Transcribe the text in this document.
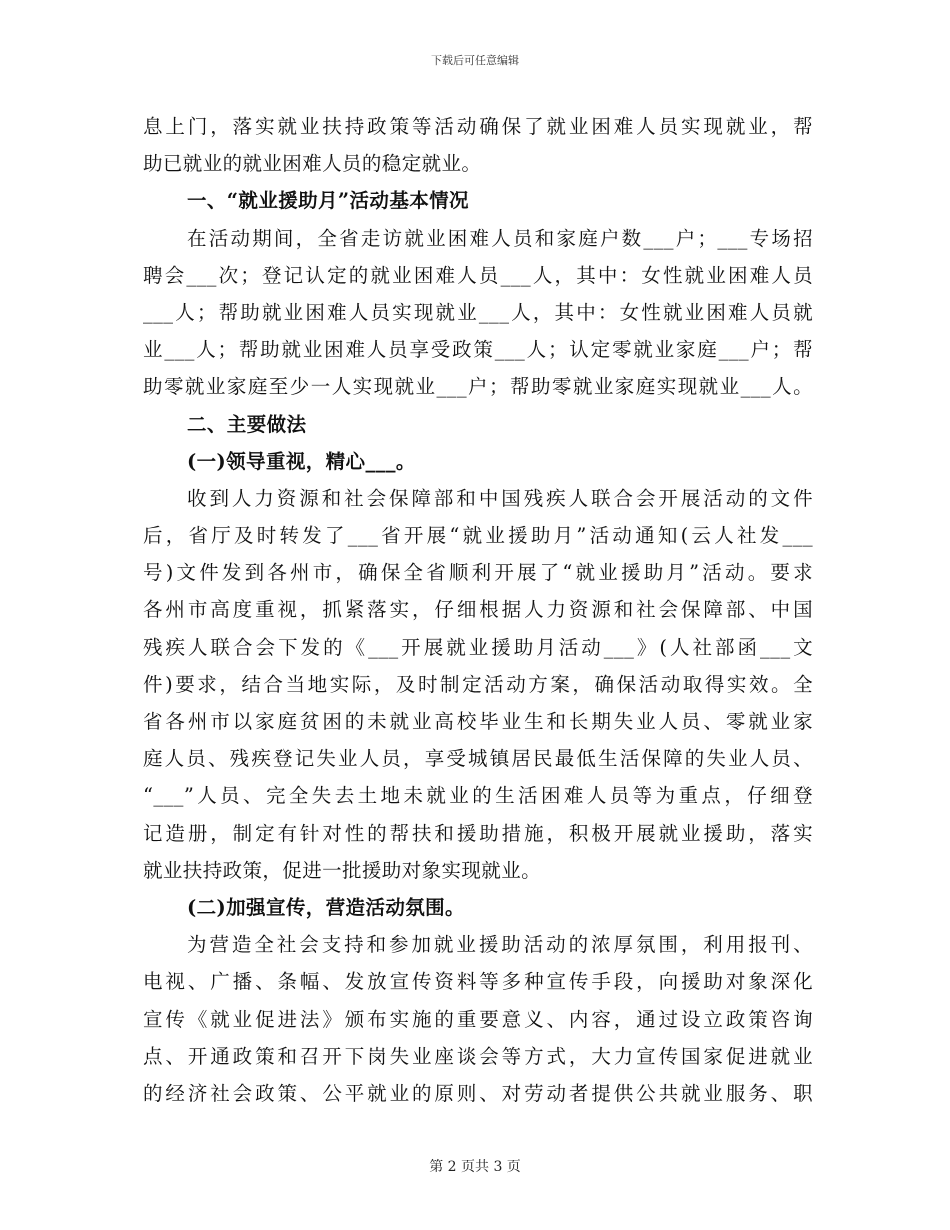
下载后可任意编辑
息上门，落实就业扶持政策等活动确保了就业困难人员实现就业，帮
助已就业的就业困难人员的稳定就业。
一、“就业援助月”活动基本情况
在活动期间，全省走访就业困难人员和家庭户数___户；___专场招
聘会___次；登记认定的就业困难人员___人，其中：女性就业困难人员
___人；帮助就业困难人员实现就业___人，其中：女性就业困难人员就
业___人；帮助就业困难人员享受政策___人；认定零就业家庭___户；帮
助零就业家庭至少一人实现就业___户；帮助零就业家庭实现就业___人。
二、主要做法
(一)领导重视，精心___。
收到人力资源和社会保障部和中国残疾人联合会开展活动的文件
后，省厅及时转发了___省开展“就业援助月”活动通知(云人社发___
号)文件发到各州市，确保全省顺利开展了“就业援助月”活动。要求
各州市高度重视，抓紧落实，仔细根据人力资源和社会保障部、中国
残疾人联合会下发的《___开展就业援助月活动___》(人社部函___文
件)要求，结合当地实际，及时制定活动方案，确保活动取得实效。全
省各州市以家庭贫困的未就业高校毕业生和长期失业人员、零就业家
庭人员、残疾登记失业人员，享受城镇居民最低生活保障的失业人员、
“___”人员、完全失去土地未就业的生活困难人员等为重点，仔细登
记造册，制定有针对性的帮扶和援助措施，积极开展就业援助，落实
就业扶持政策，促进一批援助对象实现就业。
(二)加强宣传，营造活动氛围。
为营造全社会支持和参加就业援助活动的浓厚氛围，利用报刊、
电视、广播、条幅、发放宣传资料等多种宣传手段，向援助对象深化
宣传《就业促进法》颁布实施的重要意义、内容，通过设立政策咨询
点、开通政策和召开下岗失业座谈会等方式，大力宣传国家促进就业
的经济社会政策、公平就业的原则、对劳动者提供公共就业服务、职
第 2 页共 3 页
